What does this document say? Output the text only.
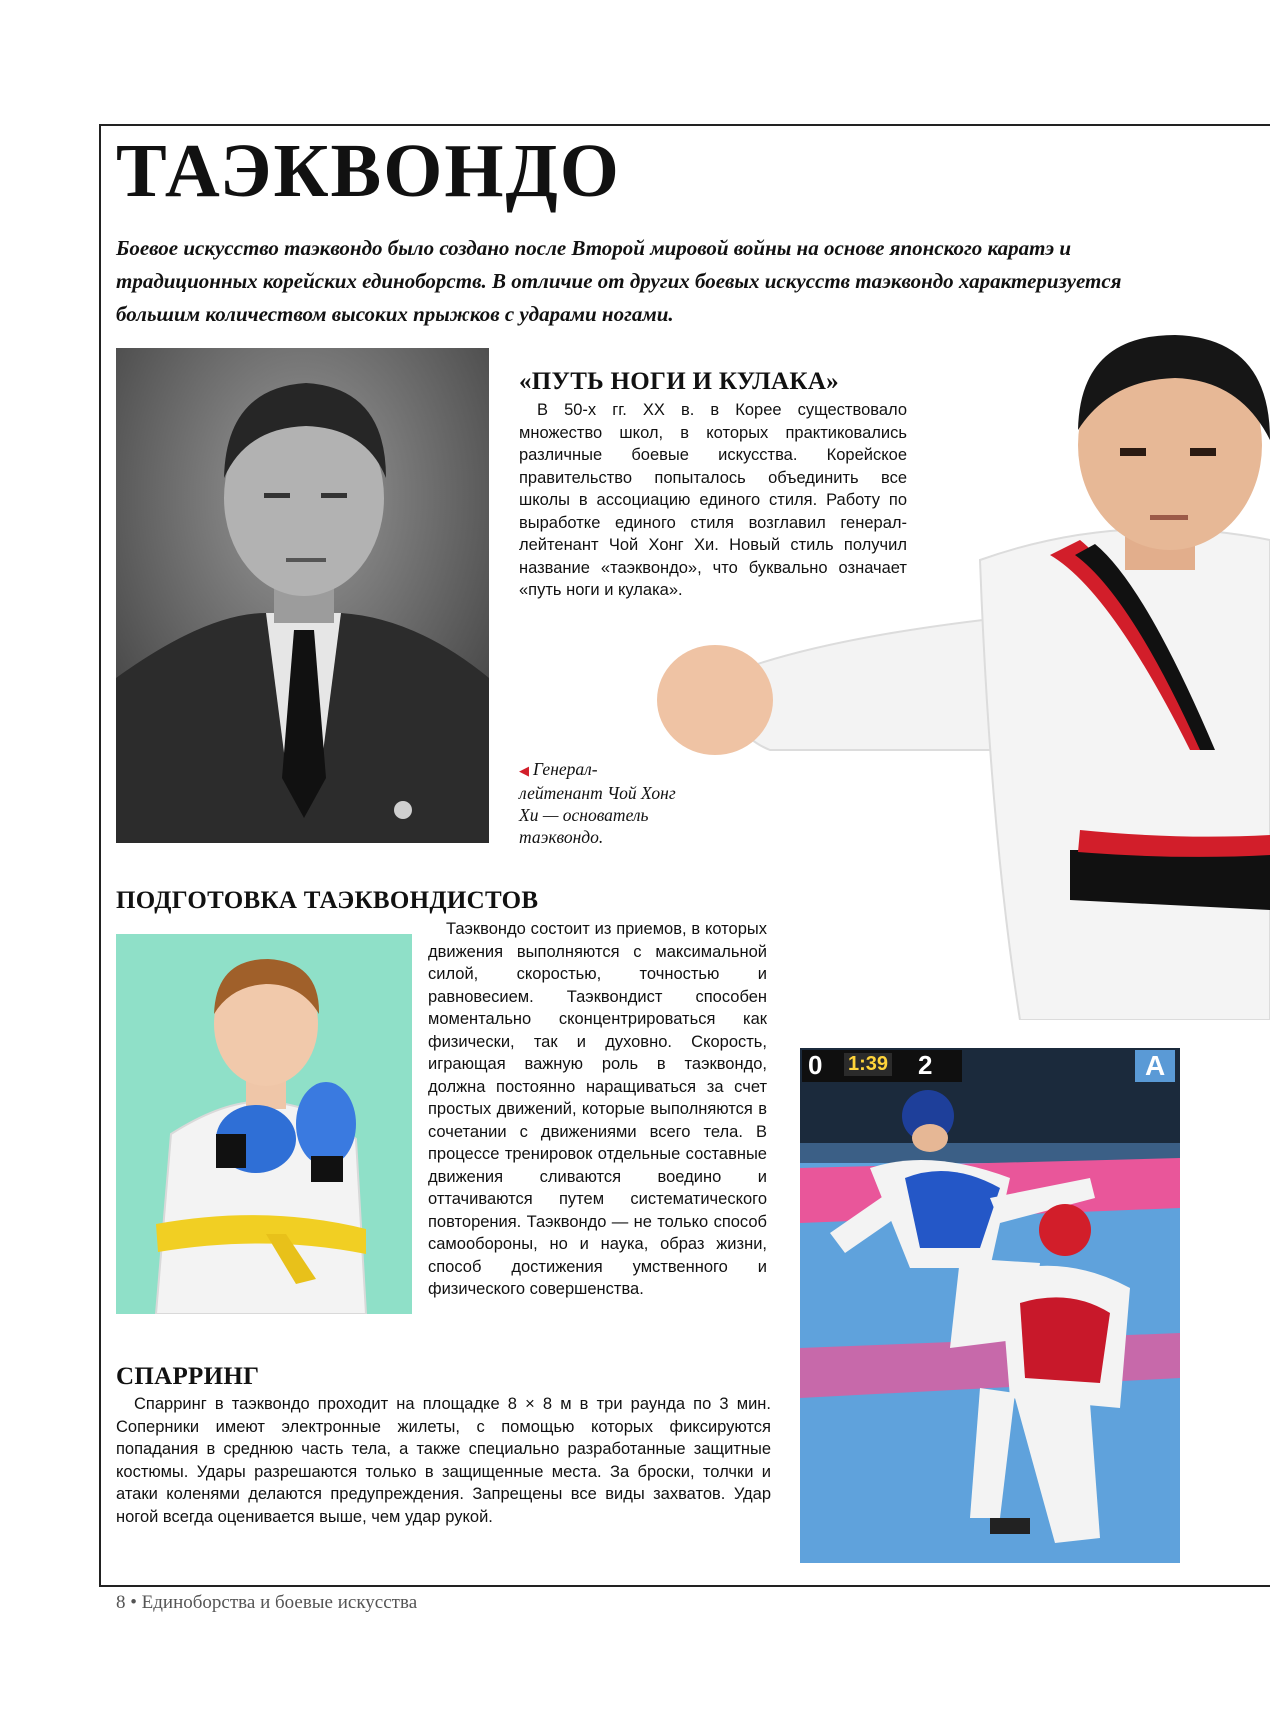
ТАЭКВОНДО

Боевое искусство таэквондо было создано после Второй мировой войны на основе японского каратэ и традиционных корейских единоборств. В отличие от других боевых искусств таэквондо характеризуется большим количеством высоких прыжков с ударами ногами.

«ПУТЬ НОГИ И КУЛАКА»

В 50-х гг. XX в. в Корее существовало множество школ, в которых практиковались различные боевые искусства. Корейское правительство попыталось объединить все школы в ассоциацию единого стиля. Работу по выработке единого стиля возглавил генерал-лейтенант Чой Хонг Хи. Новый стиль получил название «таэквондо», что буквально означает «путь ноги и кулака».

◀ Генерал-лейтенант Чой Хонг Хи — основатель таэквондо.

ПОДГОТОВКА ТАЭКВОНДИСТОВ

Таэквондо состоит из приемов, в которых движения выполняются с максимальной силой, скоростью, точностью и равновесием. Таэквондист способен моментально сконцентрироваться как физически, так и духовно. Скорость, играющая важную роль в таэквондо, должна постоянно наращиваться за счет простых движений, которые выполняются в сочетании с движениями всего тела. В процессе тренировок отдельные составные движения сливаются воедино и оттачиваются путем систематического повторения. Таэквондо — не только способ самообороны, но и наука, образ жизни, способ достижения умственного и физического совершенства.

0 1:39 2	A
СПАРРИНГ

Спарринг в таэквондо проходит на площадке 8 × 8 м в три раунда по 3 мин. Соперники имеют электронные жилеты, с помощью которых фиксируются попадания в среднюю часть тела, а также специально разработанные защитные костюмы. Удары разрешаются только в защищенные места. За броски, толчки и атаки коленями делаются предупреждения. Запрещены все виды захватов. Удар ногой всегда оценивается выше, чем удар рукой.

8 • Единоборства и боевые искусства
